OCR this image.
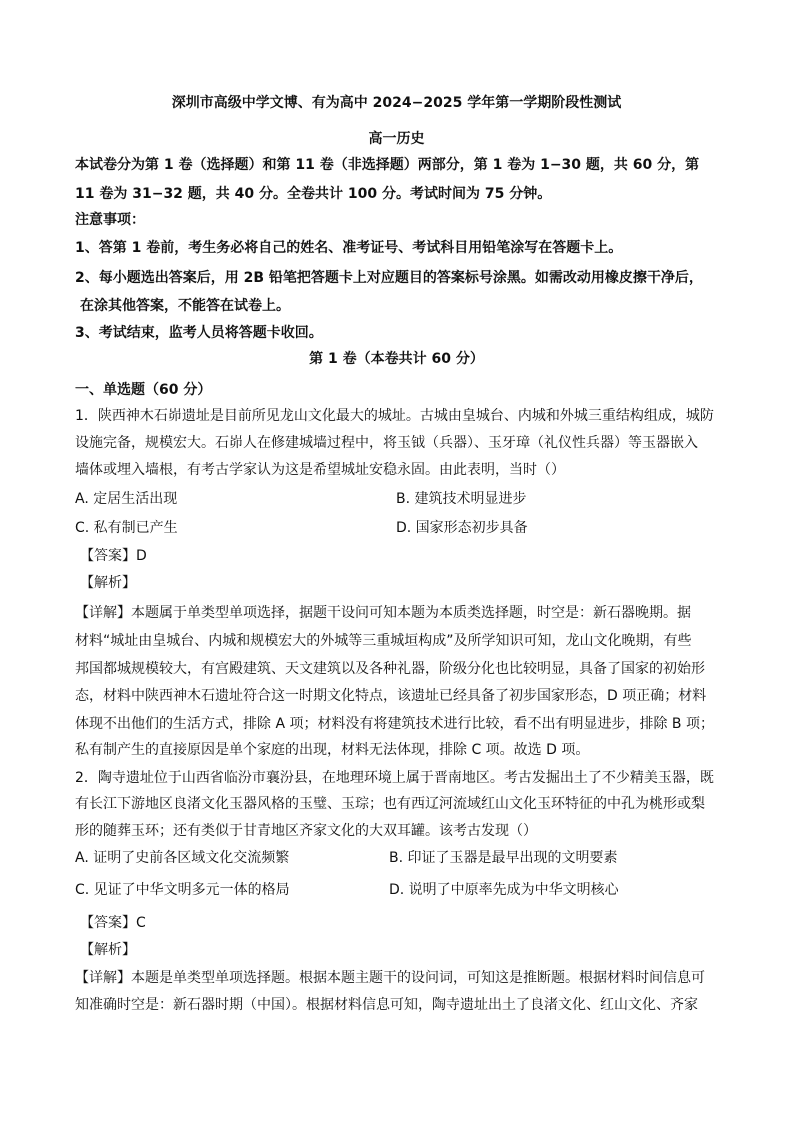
深圳市高级中学文博、有为高中 2024−2025 学年第一学期阶段性测试
高一历史
本试卷分为第 1 卷（选择题）和第 11 卷（非选择题）两部分，第 1 卷为 1−30 题，共 60 分，第
11 卷为 31−32 题，共 40 分。全卷共计 100 分。考试时间为 75 分钟。
注意事项：
1、答第 1 卷前，考生务必将自己的姓名、准考证号、考试科目用铅笔涂写在答题卡上。
2、每小题选出答案后，用 2B 铅笔把答题卡上对应题目的答案标号涂黑。如需改动用橡皮擦干净后，
在涂其他答案，不能答在试卷上。
3、考试结束，监考人员将答题卡收回。
第 1 卷（本卷共计 60 分）
一、单选题（60 分）
1．陕西神木石峁遗址是目前所见龙山文化最大的城址。古城由皇城台、内城和外城三重结构组成，城防
设施完备，规模宏大。石峁人在修建城墙过程中，将玉钺（兵器）、玉牙璋（礼仪性兵器）等玉器嵌入
墙体或埋入墙根，有考古学家认为这是希望城址安稳永固。由此表明，当时（）
A. 定居生活出现	B. 建筑技术明显进步
C. 私有制已产生	D. 国家形态初步具备
【答案】D
【解析】
【详解】本题属于单类型单项选择，据题干设问可知本题为本质类选择题，时空是：新石器晚期。据
材料“城址由皇城台、内城和规模宏大的外城等三重城垣构成”及所学知识可知，龙山文化晚期，有些
邦国都城规模较大，有宫殿建筑、天文建筑以及各种礼器，阶级分化也比较明显，具备了国家的初始形
态，材料中陕西神木石遗址符合这一时期文化特点，该遗址已经具备了初步国家形态，D 项正确；材料
体现不出他们的生活方式，排除 A 项；材料没有将建筑技术进行比较，看不出有明显进步，排除 B 项；
私有制产生的直接原因是单个家庭的出现，材料无法体现，排除 C 项。故选 D 项。
2．陶寺遗址位于山西省临汾市襄汾县，在地理环境上属于晋南地区。考古发掘出土了不少精美玉器，既
有长江下游地区良渚文化玉器风格的玉璧、玉琮；也有西辽河流域红山文化玉环特征的中孔为桃形或梨
形的随葬玉环；还有类似于甘青地区齐家文化的大双耳罐。该考古发现（）
A. 证明了史前各区域文化交流频繁	B. 印证了玉器是最早出现的文明要素
C. 见证了中华文明多元一体的格局	D. 说明了中原率先成为中华文明核心
【答案】C
【解析】
【详解】本题是单类型单项选择题。根据本题主题干的设问词，可知这是推断题。根据材料时间信息可
知准确时空是：新石器时期（中国）。根据材料信息可知，陶寺遗址出土了良渚文化、红山文化、齐家
